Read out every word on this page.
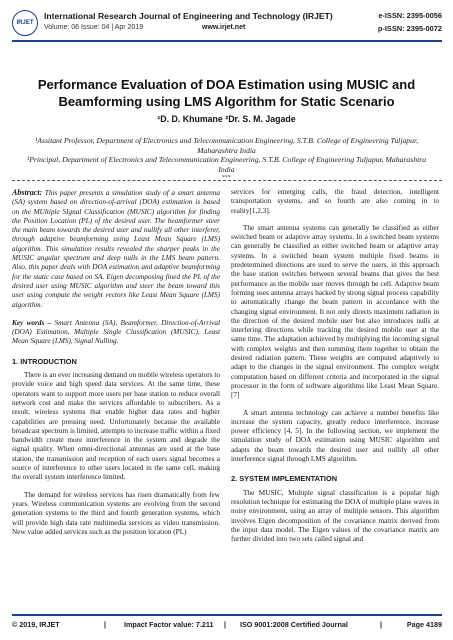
IRJET
International Research Journal of Engineering and Technology (IRJET)
Volume: 06 Issue: 04 | Apr 2019	www.irjet.net
e-ISSN: 2395-0056
p-ISSN: 2395-0072
Performance Evaluation of DOA Estimation using MUSIC and
Beamforming using LMS Algorithm for Static Scenario
¹D. D. Khumane ²Dr. S. M. Jagade
¹Assitant Professor, Department of Electronics and Telecommunication Engineering, S.T.B. College of Engineering Tuljapur, Maharashtra India
¹Principal, Department of Electronics and Telecommunication Engineering, S.T.B. College of Engineering Tuljapur, Maharashtra India
***

Abstract: This paper presents a simulation study of a smart antenna (SA) system based on direction-of-arrival (DOA) estimation is based on the MUltiple SIgnal Classification (MUSIC) algorithm for finding the Position Location (PL) of the desired user. The beamformer steer the main beam towards the desired user and nullify all other interferer, through adaptive beamforming using Least Mean Square (LMS) algorithm. This simulation results revealed the sharper peaks in the MUSIC angular spectrum and deep nulls in the LMS beam pattern. Also, this paper deals with DOA estimation and adaptive beamforming for the static case based on SA. Eigen decomposing fined the PL of the desired user using MUSIC algorithm and steer the beam toward this user using compute the weight vectors like Least Mean Square (LMS) algorithm.

Key words – Smart Antenna (SA), Beamformer, Direction-of-Arrival (DOA) Estimation, Multiple Single Classification (MUSIC), Least Mean Square (LMS), Signal Nulling.

1. INTRODUCTION

There is an ever increasing demand on mobile wireless operators to provide voice and high speed data services. At the same time, these operators want to support more users per base station to reduce overall network cost and make the services affordable to subscribers. As a result, wireless systems that enable higher data rates and higher capabilities are pressing need. Unfortunately because the available broadcast spectrum is limited, attempts to increase traffic within a fixed bandwidth create more interference in the system and degrade the signal quality. When omni-directional antennas are used at the base station, the transmission and reception of each users signal becomes a source of interference to other users located in the same cell, making the overall system interference limited.

The demand for wireless services has risen dramatically from few years. Wireless communication systems are evolving from the second generation systems to the third and fourth generation systems, which will provide high data rate multimedia services as video transmission. New value added services such as the position location (PL)

services for emerging calls, the fraud detection, intelligent transportation systems, and so fourth are also coming in to reality[1,2,3].

The smart antenna systems can generally be classified as either switched beam or adaptive array systems. In a switched beam systems can generally be classified as either switched beam or adaptive array systems. In a switched beam system multiple fixed beams in predetermined directions are used to serve the users. in this approach the base station switches between several beams that gives the best performance as the mobile user moves through he cell. Adaptive beam forming uses antenna arrays backed by strong signal process capability to automatically change the beam pattern in accordance with the changing signal environment. It not only directs maximum radiation in the direction of the desired mobile user but also introduces nulls at interfering directions while tracking the desired mobile user at the same time. The adaptation achieved by multiplying the incoming signal with complex weights and then summing them together to obtain the desired radiation pattern. These weights are computed adaptively to adapt to the changes in the signal environment. The complex weight computation based on different criteria and incorporated in the signal processor in the form of software algorithms like Least Mean Square. [7]

A smart antenna technology can achieve a number benefits like increase the system capacity, greatly reduce interference, increase power efficiency [4, 5]. In the following section, we implement the simulation study of DOA estimation using MUSIC algorithm and adapts the beam towards the desired user and nullify all other interference signal through LMS algorithm.

2. SYSTEM IMPLEMENTATION

The MUSIC, Multiple signal classification is a popular high resolution technique for estimating the DOA of multiple plane waves in noisy environment, using an array of multiple sensors. This algorithm involves Eigen decomposition of the covariance matrix derived from the input data model. The Eigen values of the covariance matrix are further divided into two sets called signal and

© 2019, IRJET	| Impact Factor value: 7.211 | ISO 9001:2008 Certified Journal	|	Page 4189
